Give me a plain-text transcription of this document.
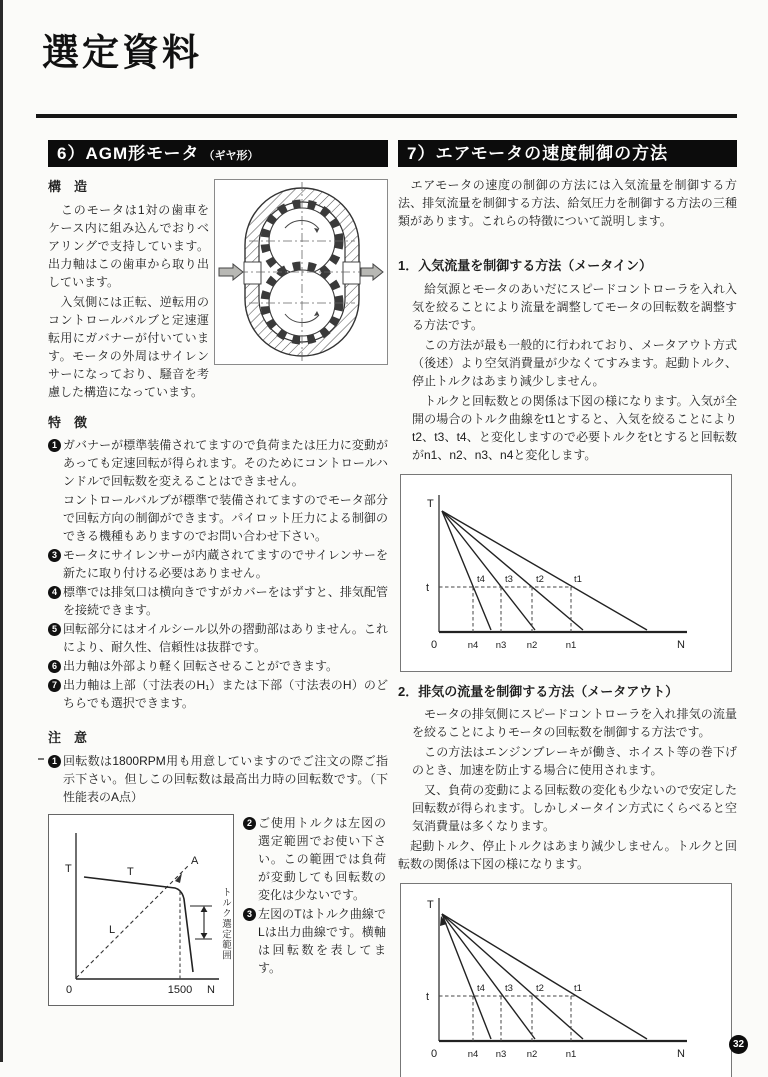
選定資料
6）AGM形モータ （ギヤ形）
構　造

　このモータは1対の歯車をケース内に組み込んでおりベアリングで支持しています。出力軸はこの歯車から取り出しています。

　入気側には正転、逆転用のコントロールバルブと定速運転用にガバナーが付いています。モータの外周はサイレンサーになっており、騒音を考慮した構造になっています。

特　徴
1 ガバナーが標準装備されてますので負荷または圧力に変動があっても定速回転が得られます。そのためにコントロールハンドルで回転数を変えることはできません。
コントロールバルブが標準で装備されてますのでモータ部分で回転方向の制御ができます。パイロット圧力による制御のできる機種もありますのでお問い合わせ下さい。
3 モータにサイレンサーが内蔵されてますのでサイレンサーを新たに取り付ける必要はありません。
4 標準では排気口は横向きですがカバーをはずすと、排気配管を接続できます。
5 回転部分にはオイルシール以外の摺動部はありません。これにより、耐久性、信頼性は抜群です。
6 出力軸は外部より軽く回転させることができます。
7 出力軸は上部（寸法表のH₁）または下部（寸法表のH）のどちらでも選択できます。
注　意
1 回転数は1800RPM用も用意していますのでご注文の際ご指示下さい。但しこの回転数は最高出力時の回転数です。（下性能表のA点）
T	T
L
A
0	1500 N
トルク選定範囲
2 ご使用トルクは左図の選定範囲でお使い下さい。この範囲では負荷が変動しても回転数の変化は少ないです。
3 左図のTはトルク曲線でLは出力曲線です。横軸は回転数を表してます。
7）エアモータの速度制御の方法

　エアモータの速度の制御の方法には入気流量を制御する方法、排気流量を制御する方法、給気圧力を制御する方法の三種類があります。これらの特徴について説明します。

1．入気流量を制御する方法（メータイン）

　給気源とモータのあいだにスピードコントローラを入れ入気を絞ることにより流量を調整してモータの回転数を調整する方法です。

　この方法が最も一般的に行われており、メータアウト方式（後述）より空気消費量が少なくてすみます。起動トルク、停止トルクはあまり減少しません。

　トルクと回転数との関係は下図の様になります。入気が全開の場合のトルク曲線をt1とすると、入気を絞ることによりt2、t3、t4、と変化しますので必要トルクをtとすると回転数がn1、n2、n3、n4と変化します。

T
t
t4 t3 t2	t1
0	n4 n3 n2	n1	N
2．排気の流量を制御する方法（メータアウト）

　モータの排気側にスピードコントローラを入れ排気の流量を絞ることによりモータの回転数を制御する方法です。

　この方法はエンジンブレーキが働き、ホイスト等の巻下げのとき、加速を防止する場合に使用されます。

　又、負荷の変動による回転数の変化も少ないので安定した回転数が得られます。しかしメータイン方式にくらべると空気消費量は多くなります。

　起動トルク、停止トルクはあまり減少しません。トルクと回転数の関係は下図の様になります。

T
t
t4 t3 t2	t1
0	n4 n3 n2	n1	N
32
